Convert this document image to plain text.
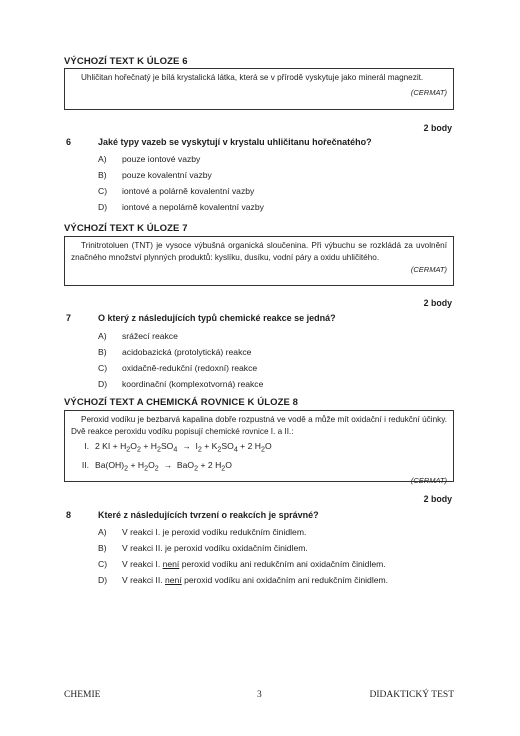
VÝCHOZÍ TEXT K ÚLOZE 6

Uhličitan hořečnatý je bílá krystalická látka, která se v přírodě vyskytuje jako minerál magnezit.

(CERMAT)
2 body
6	Jaké typy vazeb se vyskytují v krystalu uhličitanu hořečnatého?
A) pouze iontové vazby
B) pouze kovalentní vazby
C) iontové a polárně kovalentní vazby
D) iontové a nepolárně kovalentní vazby
VÝCHOZÍ TEXT K ÚLOZE 7

Trinitrotoluen (TNT) je vysoce výbušná organická sloučenina. Při výbuchu se rozkládá za uvolnění značného množství plynných produktů: kyslíku, dusíku, vodní páry a oxidu uhličitého.

(CERMAT)
2 body
7	O který z následujících typů chemické reakce se jedná?
A) srážecí reakce
B) acidobazická (protolytická) reakce
C) oxidačně-redukční (redoxní) reakce
D) koordinační (komplexotvorná) reakce
VÝCHOZÍ TEXT A CHEMICKÁ ROVNICE K ÚLOZE 8

Peroxid vodíku je bezbarvá kapalina dobře rozpustná ve vodě a může mít oxidační i redukční účinky. Dvě reakce peroxidu vodíku popisují chemické rovnice I. a II.:

I. 2 KI + $H_2O_2 + H_2SO_4 \to I_2 + K_2SO_4 + 2$ $H_2O$
II. $Ba(OH)_2 + H_2O_2 \to BaO_2 + 2$ $H_2O$
(CERMAT)
2 body
8	Které z následujících tvrzení o reakcích je správné?
A) V reakci I. je peroxid vodíku redukčním činidlem.
B) V reakci II. je peroxid vodíku oxidačním činidlem.
C) V reakci I. není peroxid vodíku ani redukčním ani oxidačním činidlem.
D) V reakci II. není peroxid vodíku ani oxidačním ani redukčním činidlem.
CHEMIE	3	DIDAKTICKÝ TEST
